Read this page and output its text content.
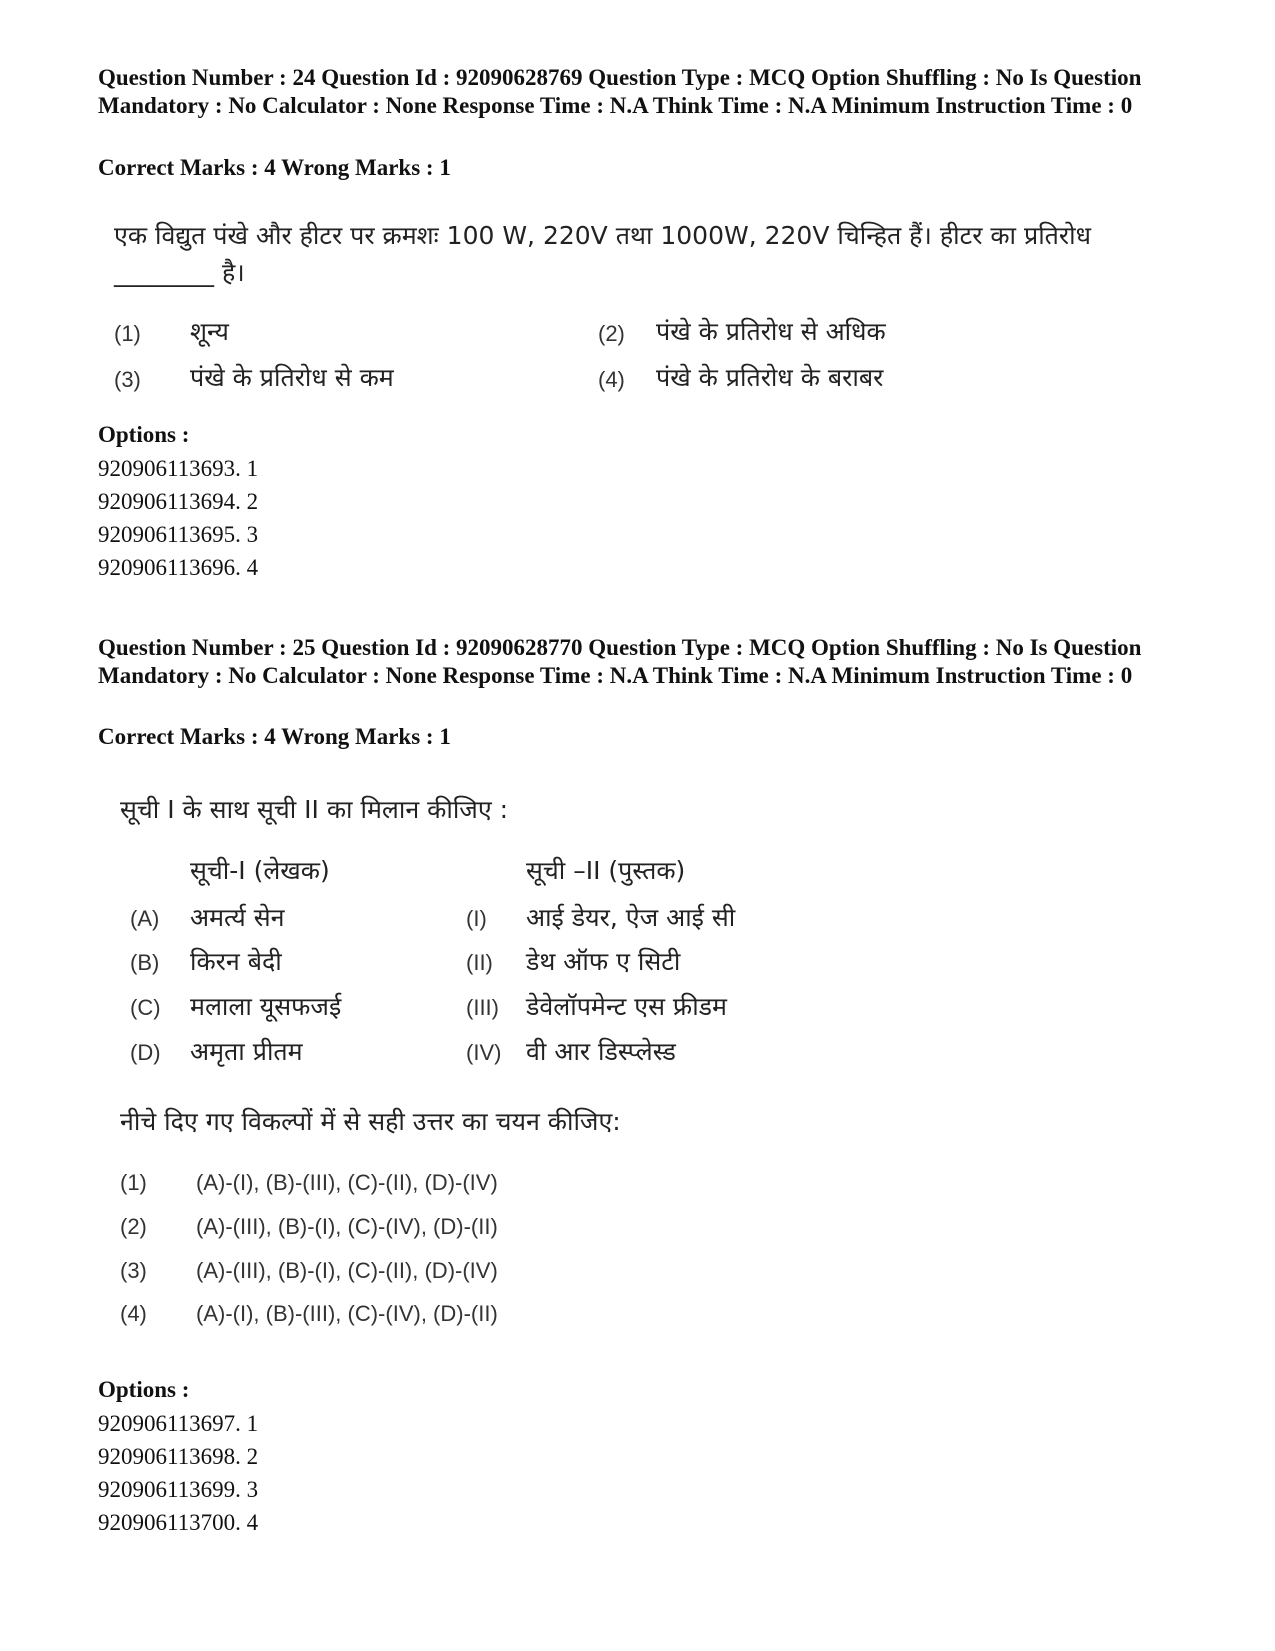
Question Number : 24 Question Id : 92090628769 Question Type : MCQ Option Shuffling : No Is Question Mandatory : No Calculator : None Response Time : N.A Think Time : N.A Minimum Instruction Time : 0
Correct Marks : 4 Wrong Marks : 1
एक विद्युत पंखे और हीटर पर क्रमशः 100 W, 220V तथा 1000W, 220V चिन्हित हैं। हीटर का प्रतिरोध
________ है।
(1) शून्य	(2) पंखे के प्रतिरोध से अधिक
(3) पंखे के प्रतिरोध से कम	(4) पंखे के प्रतिरोध के बराबर
Options :
920906113693. 1
920906113694. 2
920906113695. 3
920906113696. 4
Question Number : 25 Question Id : 92090628770 Question Type : MCQ Option Shuffling : No Is Question Mandatory : No Calculator : None Response Time : N.A Think Time : N.A Minimum Instruction Time : 0
Correct Marks : 4 Wrong Marks : 1
सूची I के साथ सूची II का मिलान कीजिए :
सूची-I (लेखक)	सूची –II (पुस्तक)
(A) अमर्त्य सेन	(I) आई डेयर, ऐज आई सी
(B) किरन बेदी	(II) डेथ ऑफ ए सिटी
(C) मलाला यूसफजई	(III) डेवेलॉपमेन्ट एस फ्रीडम
(D) अमृता प्रीतम	(IV) वी आर डिस्प्लेस्ड
नीचे दिए गए विकल्पों में से सही उत्तर का चयन कीजिए:
(1) (A)-(I), (B)-(III), (C)-(II), (D)-(IV)
(2) (A)-(III), (B)-(I), (C)-(IV), (D)-(II)
(3) (A)-(III), (B)-(I), (C)-(II), (D)-(IV)
(4) (A)-(I), (B)-(III), (C)-(IV), (D)-(II)
Options :
920906113697. 1
920906113698. 2
920906113699. 3
920906113700. 4
